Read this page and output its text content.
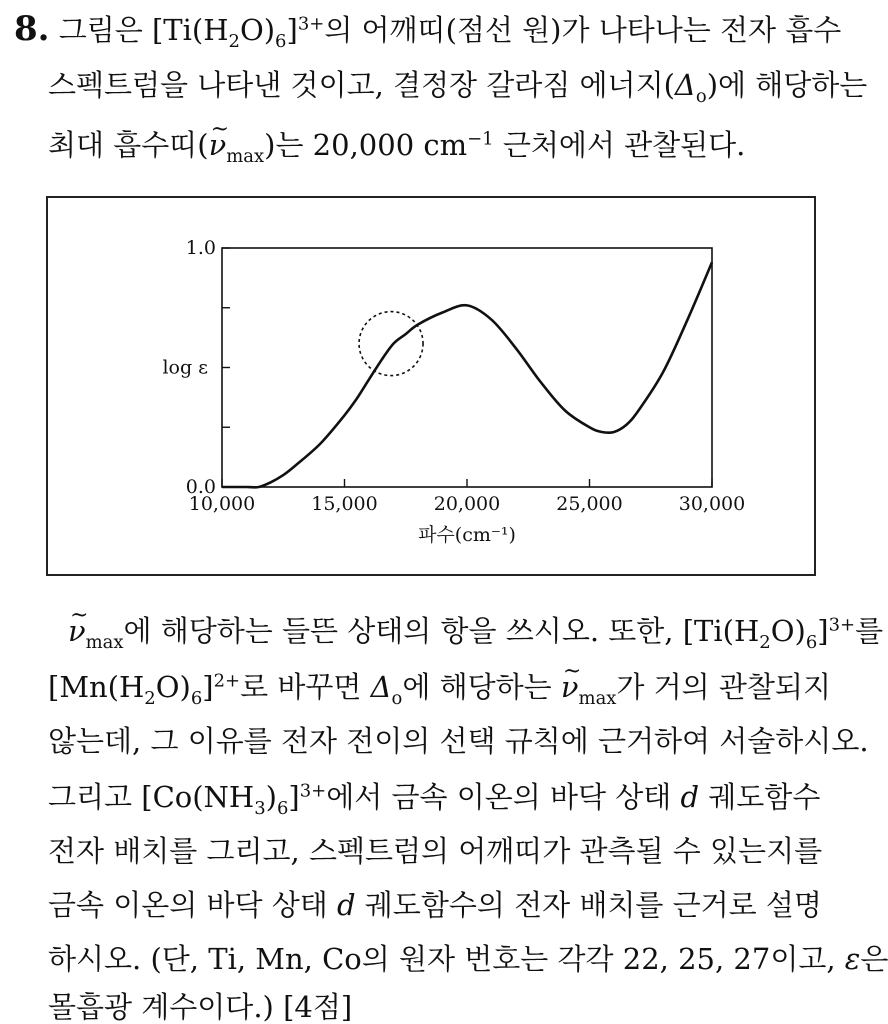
8. 그림은 $[Ti(H_2O)_6]^{3+}$의 어깨띠(점선 원)가 나타나는 전자 흡수
스펙트럼을 나타낸 것이고, 결정장 갈라짐 에너지$(\Delta_o)$에 해당하는
최대 흡수띠(~ $\nu_{max}$)는 20,000 $cm^{-1}$ 근처에서 관찰된다.
10,000	15,000	20,000	25,000	30,000
0.0
1.0
log ε
파수(cm⁻¹)
~ $\nu_{max}$에 해당하는 들뜬 상태의 항을 쓰시오. 또한, $[Ti(H_2O)_6]^{3+}$를
$[Mn(H_2O)_6]^{2+}$로 바꾸면 $\Delta_o$에 해당하는 ~ $\nu_{max}$가 거의 관찰되지
않는데, 그 이유를 전자 전이의 선택 규칙에 근거하여 서술하시오.
그리고 $[Co(NH_3)_6]^{3+}$에서 금속 이온의 바닥 상태 d 궤도함수
전자 배치를 그리고, 스펙트럼의 어깨띠가 관측될 수 있는지를
금속 이온의 바닥 상태 d 궤도함수의 전자 배치를 근거로 설명
하시오. (단, Ti, Mn, Co의 원자 번호는 각각 22, 25, 27이고, ε은
몰흡광 계수이다.) [4점]
